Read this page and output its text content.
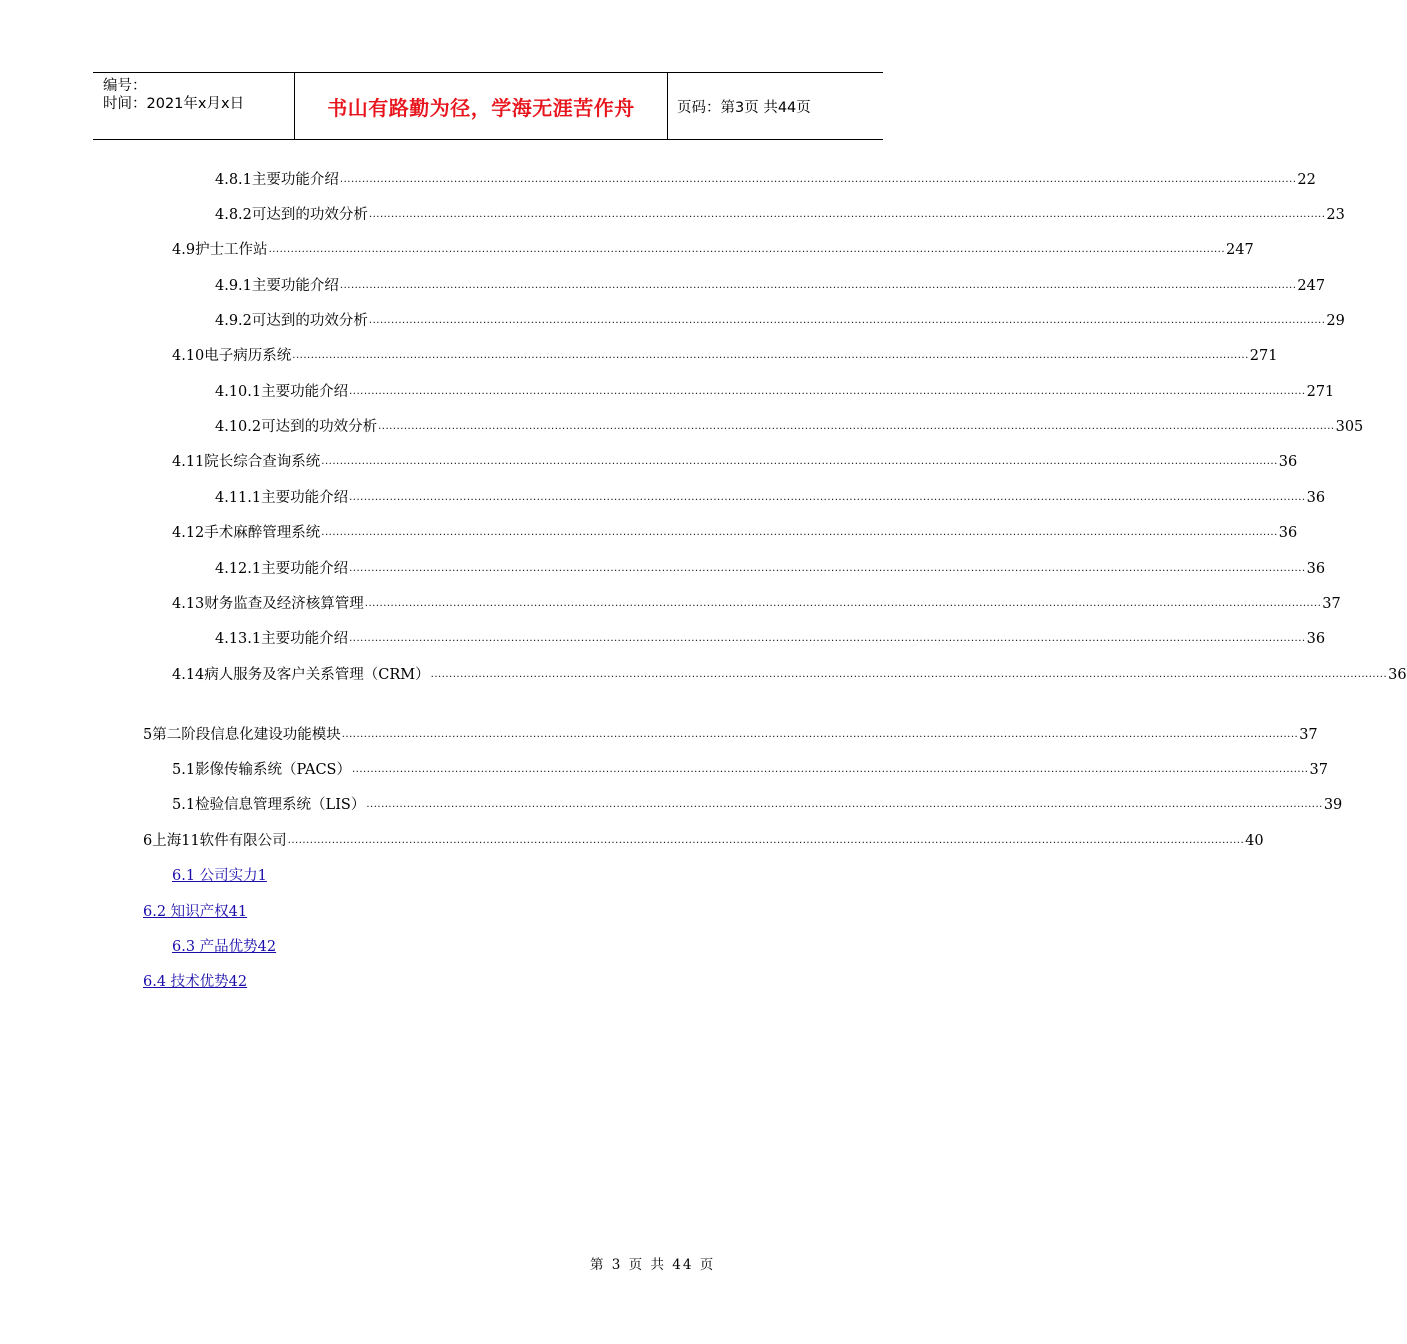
编号：
时间：2021年x月x日	书山有路勤为径，学海无涯苦作舟	页码：第3页 共44页
4.8.1 主要功能介绍 .................................................................................................................................................................................................................................................................... 22
4.8.2 可达到的功效分析 .................................................................................................................................................................................................................................................................... 23
4.9 护士工作站 .................................................................................................................................................................................................................................................................... 247
4.9.1 主要功能介绍 .................................................................................................................................................................................................................................................................... 247
4.9.2 可达到的功效分析 .................................................................................................................................................................................................................................................................... 29
4.10 电子病历系统 .................................................................................................................................................................................................................................................................... 271
4.10.1 主要功能介绍 .................................................................................................................................................................................................................................................................... 271
4.10.2 可达到的功效分析 .................................................................................................................................................................................................................................................................... 305
4.11 院长综合查询系统 .................................................................................................................................................................................................................................................................... 36
4.11.1 主要功能介绍 .................................................................................................................................................................................................................................................................... 36
4.12 手术麻醉管理系统 .................................................................................................................................................................................................................................................................... 36
4.12.1 主要功能介绍 .................................................................................................................................................................................................................................................................... 36
4.13 财务监查及经济核算管理 .................................................................................................................................................................................................................................................................... 37
4.13.1 主要功能介绍 .................................................................................................................................................................................................................................................................... 36
4.14 病人服务及客户关系管理（CRM） .................................................................................................................................................................................................................................................................... 36
5 第二阶段信息化建设功能模块 .................................................................................................................................................................................................................................................................... 37
5.1 影像传输系统（PACS） .................................................................................................................................................................................................................................................................... 37
5.1 检验信息管理系统（LIS） .................................................................................................................................................................................................................................................................... 39
6 上海11软件有限公司 .................................................................................................................................................................................................................................................................... 40
6.1 公司实力1
6.2 知识产权41
6.3 产品优势42
6.4 技术优势42
第 3 页 共 44 页
